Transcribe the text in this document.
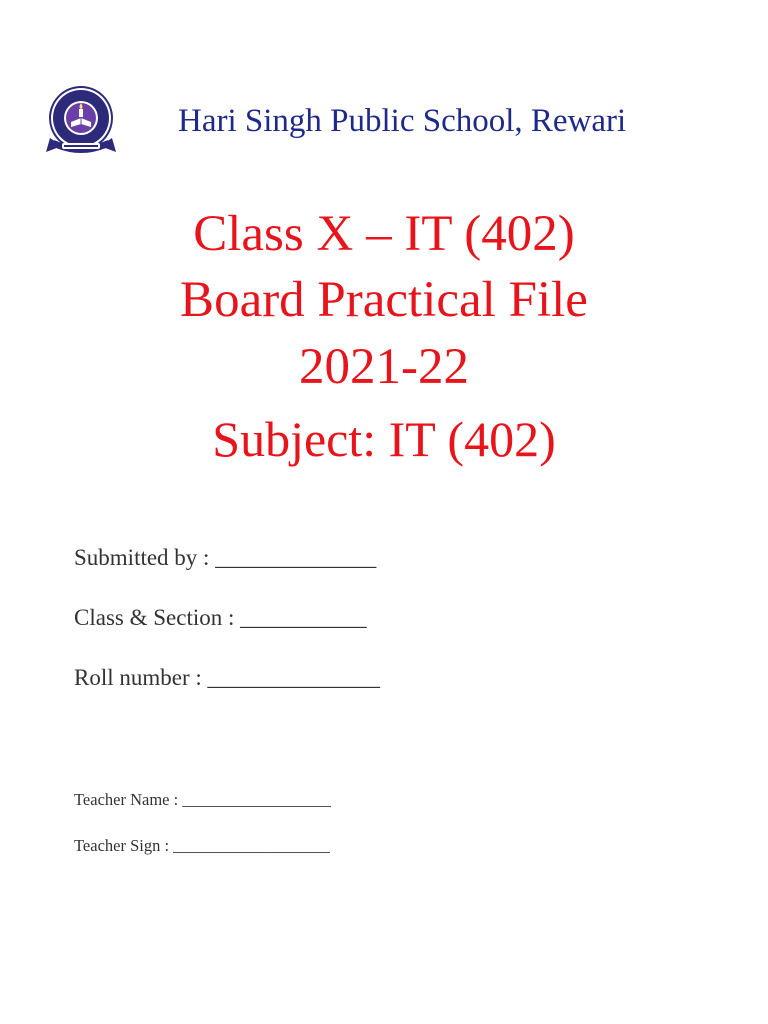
Hari Singh Public School, Rewari
Class X – IT (402)
Board Practical File
2021-22
Subject: IT (402)
Submitted by : ______________
Class & Section : ___________
Roll number : _______________
Teacher Name : __________________
Teacher Sign : ___________________
